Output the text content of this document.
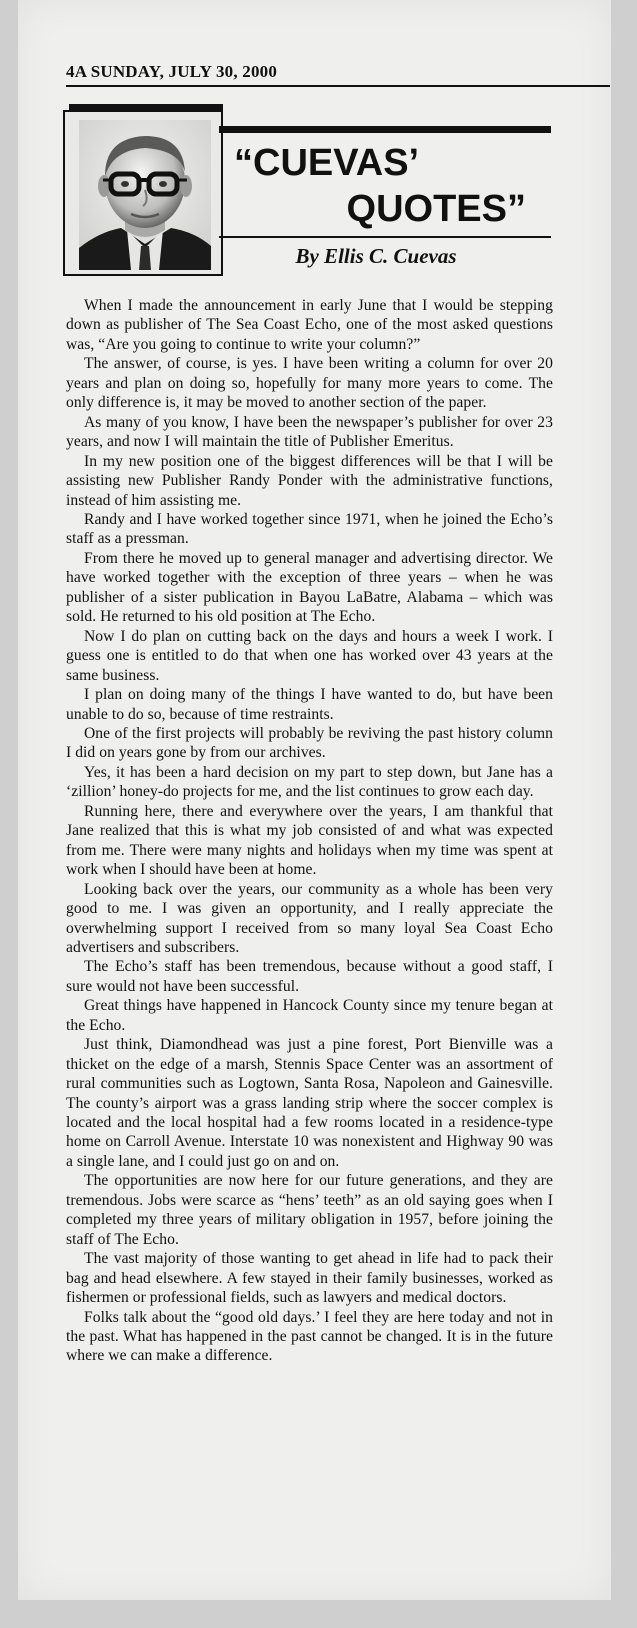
4A SUNDAY, JULY 30, 2000
“CUEVAS’
QUOTES”
By Ellis C. Cuevas

When I made the announcement in early June that I would be stepping down as publisher of The Sea Coast Echo, one of the most asked questions was, “Are you going to continue to write your column?”

The answer, of course, is yes. I have been writing a column for over 20 years and plan on doing so, hopefully for many more years to come. The only difference is, it may be moved to another section of the paper.

As many of you know, I have been the newspaper’s publisher for over 23 years, and now I will maintain the title of Publisher Emeritus.

In my new position one of the biggest differences will be that I will be assisting new Publisher Randy Ponder with the administrative functions, instead of him assisting me.

Randy and I have worked together since 1971, when he joined the Echo’s staff as a pressman.

From there he moved up to general manager and advertising director. We have worked together with the exception of three years – when he was publisher of a sister publication in Bayou LaBatre, Alabama – which was sold. He returned to his old position at The Echo.

Now I do plan on cutting back on the days and hours a week I work. I guess one is entitled to do that when one has worked over 43 years at the same business.

I plan on doing many of the things I have wanted to do, but have been unable to do so, because of time restraints.

One of the first projects will probably be reviving the past history column I did on years gone by from our archives.

Yes, it has been a hard decision on my part to step down, but Jane has a ‘zillion’ honey-do projects for me, and the list continues to grow each day.

Running here, there and everywhere over the years, I am thankful that Jane realized that this is what my job consisted of and what was expected from me. There were many nights and holidays when my time was spent at work when I should have been at home.

Looking back over the years, our community as a whole has been very good to me. I was given an opportunity, and I really appreciate the overwhelming support I received from so many loyal Sea Coast Echo advertisers and subscribers.

The Echo’s staff has been tremendous, because without a good staff, I sure would not have been successful.

Great things have happened in Hancock County since my tenure began at the Echo.

Just think, Diamondhead was just a pine forest, Port Bienville was a thicket on the edge of a marsh, Stennis Space Center was an assortment of rural communities such as Logtown, Santa Rosa, Napoleon and Gainesville. The county’s airport was a grass landing strip where the soccer complex is located and the local hospital had a few rooms located in a residence-type home on Carroll Avenue. Interstate 10 was nonexistent and Highway 90 was a single lane, and I could just go on and on.

The opportunities are now here for our future generations, and they are tremendous. Jobs were scarce as “hens’ teeth” as an old saying goes when I completed my three years of military obligation in 1957, before joining the staff of The Echo.

The vast majority of those wanting to get ahead in life had to pack their bag and head elsewhere. A few stayed in their family businesses, worked as fishermen or professional fields, such as lawyers and medical doctors.

Folks talk about the “good old days.’ I feel they are here today and not in the past. What has happened in the past cannot be changed. It is in the future where we can make a difference.
